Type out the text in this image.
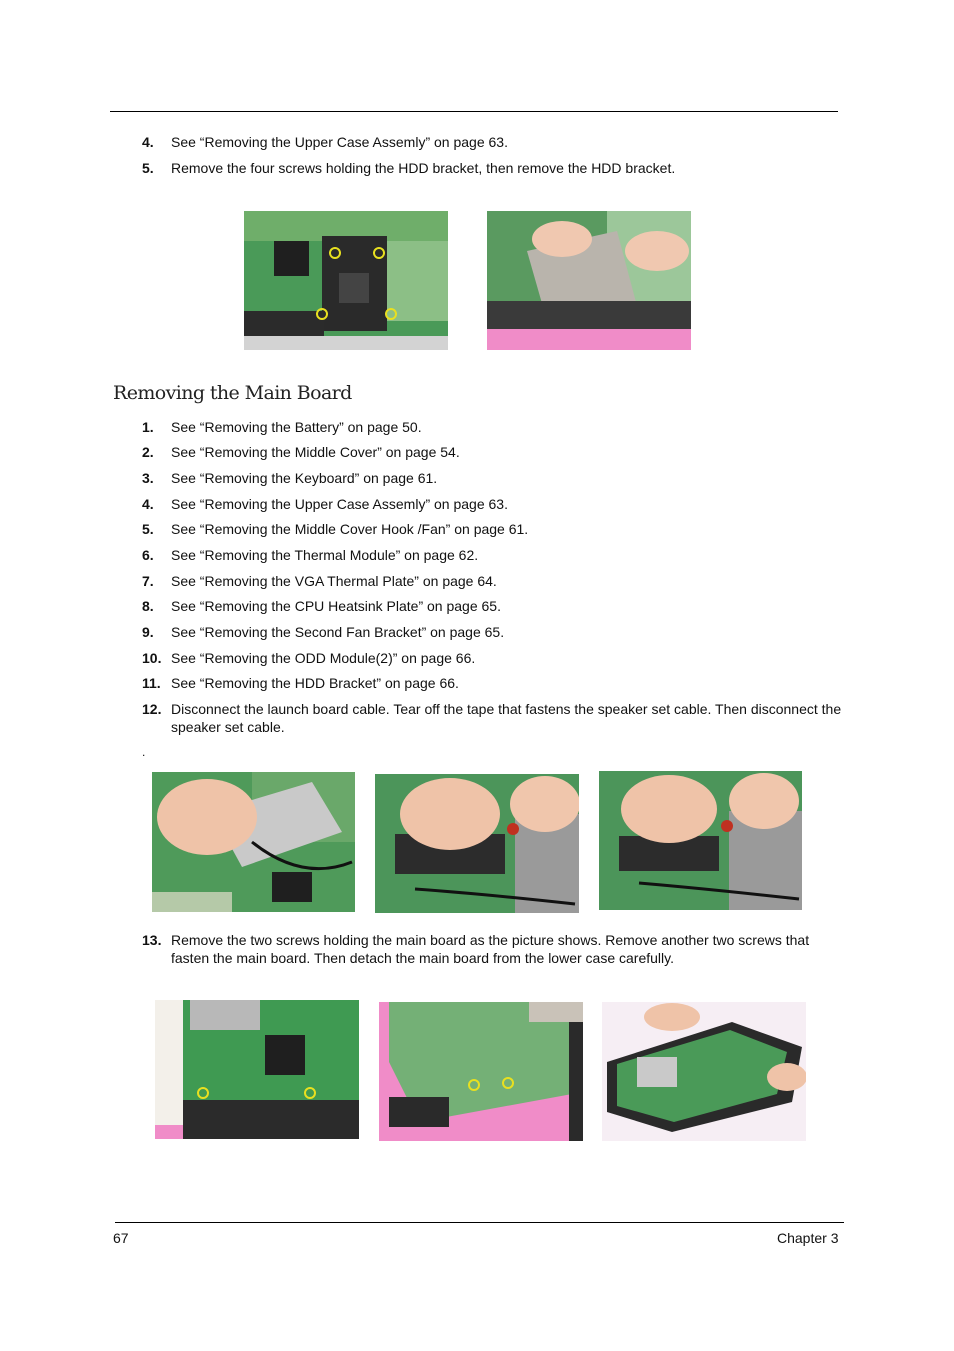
4. See “Removing the Upper Case Assemly” on page 63.
5. Remove the four screws holding the HDD bracket, then remove the HDD bracket.
Removing the Main Board
1. See “Removing the Battery” on page 50.
2. See “Removing the Middle Cover” on page 54.
3. See “Removing the Keyboard” on page 61.
4. See “Removing the Upper Case Assemly” on page 63.
5. See “Removing the Middle Cover Hook /Fan” on page 61.
6. See “Removing the Thermal Module” on page 62.
7. See “Removing the VGA Thermal Plate” on page 64.
8. See “Removing the CPU Heatsink Plate” on page 65.
9. See “Removing the Second Fan Bracket” on page 65.
10. See “Removing the ODD Module(2)” on page 66.
11. See “Removing the HDD Bracket” on page 66.
12. Disconnect the launch board cable. Tear off the tape that fastens the speaker set cable. Then disconnect the speaker set cable.
.
13. Remove the two screws holding the main board as the picture shows. Remove another two screws that fasten the main board. Then detach the main board from the lower case carefully.
67	Chapter 3
